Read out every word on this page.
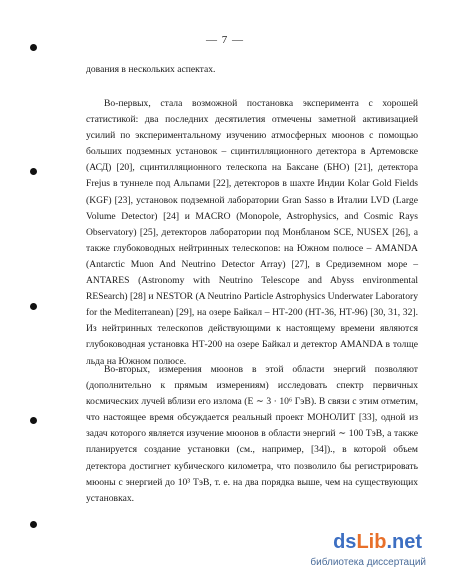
— 7 —

дования в нескольких аспектах.

Во-первых, стала возможной постановка эксперимента с хорошей статистикой: два последних десятилетия отмечены заметной активизацией усилий по экспериментальному изучению атмосферных мюонов с помощью больших подземных установок – сцинтилляционного детектора в Артемовске (АСД) [20], сцинтилляционного телескопа на Баксане (БНО) [21], детектора Frejus в туннеле под Альпами [22], детекторов в шахте Индии Kolar Gold Fields (KGF) [23], установок подземной лаборатории Gran Sasso в Италии LVD (Large Volume Detector) [24] и MACRO (Monopole, Astrophysics, and Cosmic Rays Observatory) [25], детекторов лаборатории под Монбланом SCE, NUSEX [26], а также глубоководных нейтринных телескопов: на Южном полюсе – AMANDA (Antarctic Muon And Neutrino Detector Array) [27], в Средиземном море – ANTARES (Astronomy with Neutrino Telescope and Abyss environmental RESearch) [28] и NESTOR (A Neutrino Particle Astrophysics Underwater Laboratory for the Mediterranean) [29], на озере Байкал – НТ-200 (НТ-36, НТ-96) [30, 31, 32]. Из нейтринных телескопов действующими к настоящему времени являются глубоководная установка НТ-200 на озере Байкал и детектор AMANDA в толще льда на Южном полюсе.

Во-вторых, измерения мюонов в этой области энергий позволяют (дополнительно к прямым измерениям) исследовать спектр первичных космических лучей вблизи его излома (E ∼ 3 · 10⁶ ГэВ). В связи с этим отметим, что настоящее время обсуждается реальный проект МОНОЛИТ [33], одной из задач которого является изучение мюонов в области энергий ∼ 100 ТэВ, а также планируется создание установки (см., например, [34])., в которой объем детектора достигнет кубического километра, что позволило бы регистрировать мюоны с энергией до 10³ ТэВ, т. е. на два порядка выше, чем на существующих установках.

dsLib.net
библиотека диссертаций
